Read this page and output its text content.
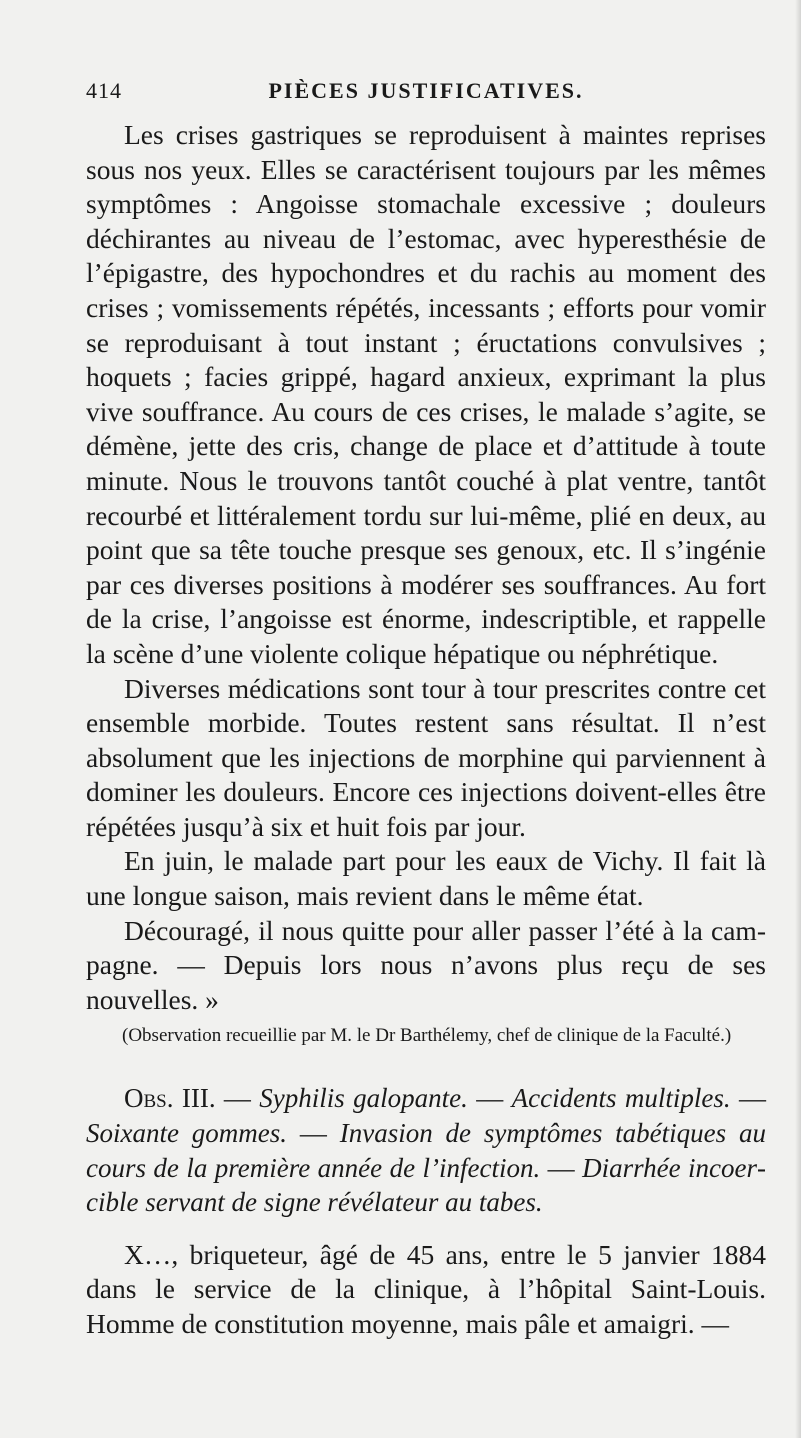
414	PIÈCES JUSTIFICATIVES.

Les crises gastriques se reproduisent à maintes reprises sous nos yeux. Elles se caractérisent toujours par les mêmes symptômes : Angoisse stomachale excessive ; douleurs déchirantes au niveau de l’estomac, avec hyperesthésie de l’épigastre, des hypochondres et du rachis au moment des crises ; vomissements répétés, incessants ; efforts pour vomir se reproduisant à tout instant ; éructations convulsives ; hoquets ; facies grippé, hagard anxieux, exprimant la plus vive souffrance. Au cours de ces crises, le malade s’agite, se démène, jette des cris, change de place et d’attitude à toute minute. Nous le trouvons tantôt couché à plat ventre, tantôt recourbé et littéralement tordu sur lui-même, plié en deux, au point que sa tête touche presque ses genoux, etc. Il s’ingénie par ces diverses positions à modérer ses souffrances. Au fort de la crise, l’angoisse est énorme, indescriptible, et rappelle la scène d’une violente colique hépatique ou néphrétique.

Diverses médications sont tour à tour prescrites contre cet ensemble morbide. Toutes restent sans résultat. Il n’est absolument que les injections de morphine qui parviennent à dominer les douleurs. Encore ces injections doivent-elles être répétées jusqu’à six et huit fois par jour.

En juin, le malade part pour les eaux de Vichy. Il fait là une longue saison, mais revient dans le même état.

Découragé, il nous quitte pour aller passer l’été à la campagne. — Depuis lors nous n’avons plus reçu de ses nouvelles. »

(Observation recueillie par M. le Dr Barthélemy, chef de clinique de la Faculté.)

Obs. III. — Syphilis galopante. — Accidents multiples. — Soixante gommes. — Invasion de symptômes tabétiques au cours de la première année de l’infection. — Diarrhée incoercible servant de signe révélateur au tabes.

X…, briqueteur, âgé de 45 ans, entre le 5 janvier 1884 dans le service de la clinique, à l’hôpital Saint-Louis. Homme de constitution moyenne, mais pâle et amaigri. —
